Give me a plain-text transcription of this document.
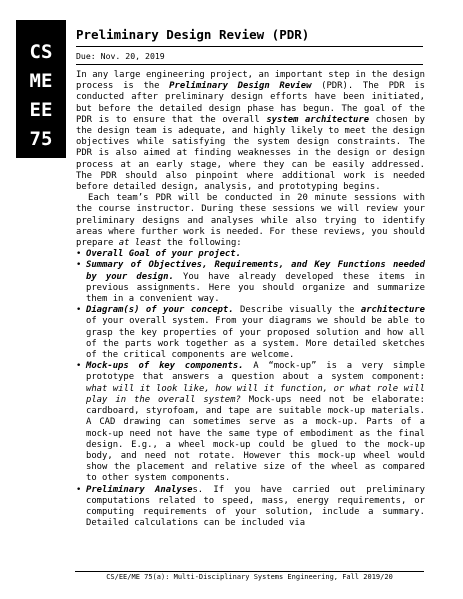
CS
ME
EE
75
Preliminary Design Review (PDR)
Due: Nov. 20, 2019

In any large engineering project, an important step in the design process is the Preliminary Design Review (PDR). The PDR is conducted after preliminary design efforts have been initiated, but before the detailed design phase has begun. The goal of the PDR is to ensure that the overall system architecture chosen by the design team is adequate, and highly likely to meet the design objectives while satisfying the system design constraints. The PDR is also aimed at finding weaknesses in the design or design process at an early stage, where they can be easily addressed. The PDR should also pinpoint where additional work is needed before detailed design, analysis, and prototyping begins.

Each team’s PDR will be conducted in 20 minute sessions with the course instructor. During these sessions we will review your preliminary designs and analyses while also trying to identify areas where further work is needed. For these reviews, you should prepare at least the following:

• Overall Goal of your project.
• Summary of Objectives, Requirements, and Key Functions needed by your design. You have already developed these items in previous assignments. Here you should organize and summarize them in a convenient way.
• Diagram(s) of your concept. Describe visually the architecture of your overall system. From your diagrams we should be able to grasp the key properties of your proposed solution and how all of the parts work together as a system. More detailed sketches of the critical components are welcome.
• Mock-ups of key components. A “mock-up” is a very simple prototype that answers a question about a system component: what will it look like, how will it function, or what role will play in the overall system? Mock-ups need not be elaborate: cardboard, styrofoam, and tape are suitable mock-up materials. A CAD drawing can sometimes serve as a mock-up. Parts of a mock-up need not have the same type of embodiment as the final design. E.g., a wheel mock-up could be glued to the mock-up body, and need not rotate. However this mock-up wheel would show the placement and relative size of the wheel as compared to other system components.
• Preliminary Analyses. If you have carried out preliminary computations related to speed, mass, energy requirements, or computing requirements of your solution, include a summary. Detailed calculations can be included via
CS/EE/ME 75(a): Multi-Disciplinary Systems Engineering, Fall 2019/20
